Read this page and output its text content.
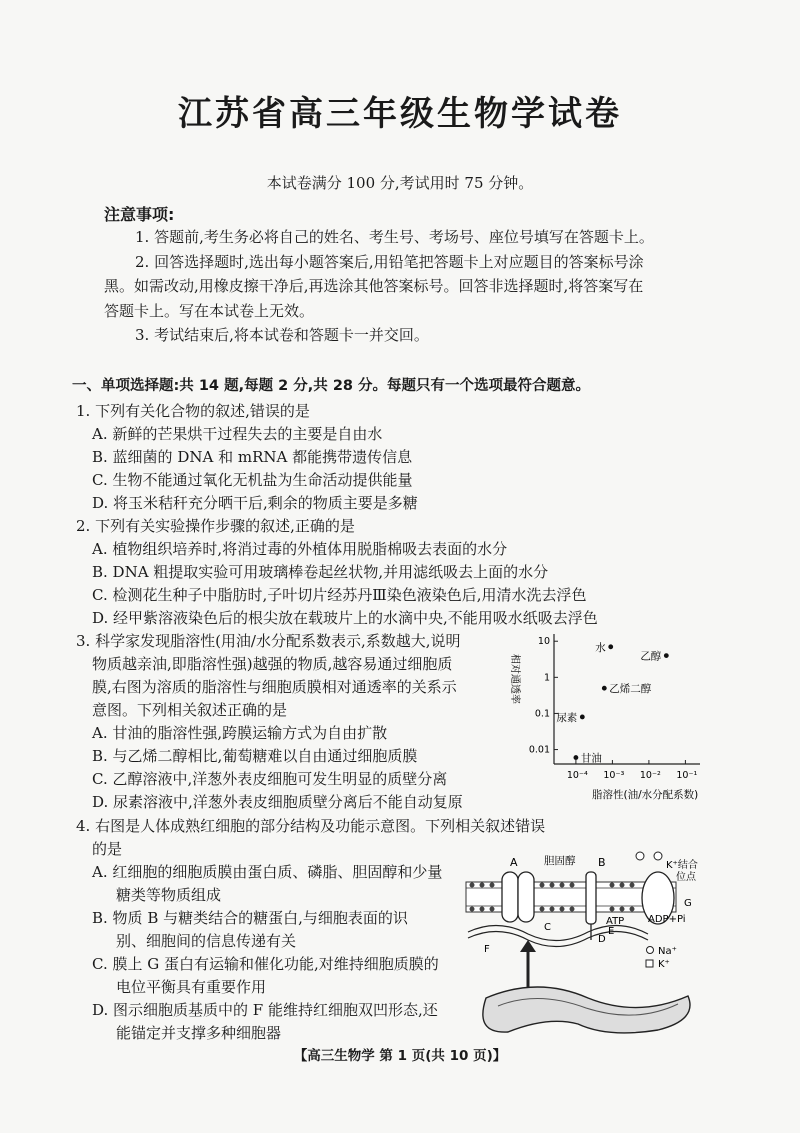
江苏省高三年级生物学试卷
本试卷满分 100 分,考试用时 75 分钟。
注意事项:
1. 答题前,考生务必将自己的姓名、考生号、考场号、座位号填写在答题卡上。
2. 回答选择题时,选出每小题答案后,用铅笔把答题卡上对应题目的答案标号涂
黑。如需改动,用橡皮擦干净后,再选涂其他答案标号。回答非选择题时,将答案写在
答题卡上。写在本试卷上无效。
3. 考试结束后,将本试卷和答题卡一并交回。
一、单项选择题:共 14 题,每题 2 分,共 28 分。每题只有一个选项最符合题意。
1. 下列有关化合物的叙述,错误的是
A. 新鲜的芒果烘干过程失去的主要是自由水
B. 蓝细菌的 DNA 和 mRNA 都能携带遗传信息
C. 生物不能通过氧化无机盐为生命活动提供能量
D. 将玉米秸秆充分晒干后,剩余的物质主要是多糖
2. 下列有关实验操作步骤的叙述,正确的是
A. 植物组织培养时,将消过毒的外植体用脱脂棉吸去表面的水分
B. DNA 粗提取实验可用玻璃棒卷起丝状物,并用滤纸吸去上面的水分
C. 检测花生种子中脂肪时,子叶切片经苏丹Ⅲ染色液染色后,用清水洗去浮色
D. 经甲紫溶液染色后的根尖放在载玻片上的水滴中央,不能用吸水纸吸去浮色
3. 科学家发现脂溶性(用油/水分配系数表示,系数越大,说明
物质越亲油,即脂溶性强)越强的物质,越容易通过细胞质
膜,右图为溶质的脂溶性与细胞质膜相对通透率的关系示
意图。下列相关叙述正确的是
A. 甘油的脂溶性强,跨膜运输方式为自由扩散
B. 与乙烯二醇相比,葡萄糖难以自由通过细胞质膜
C. 乙醇溶液中,洋葱外表皮细胞可发生明显的质壁分离
D. 尿素溶液中,洋葱外表皮细胞质壁分离后不能自动复原
相对通透率
10
1
0.1
0.01
10⁻⁴ 10⁻³ 10⁻² 10⁻¹
水
乙醇
乙烯二醇
尿素
甘油
脂溶性(油/水分配系数)
4. 右图是人体成熟红细胞的部分结构及功能示意图。下列相关叙述错误
的是
A. 红细胞的细胞质膜由蛋白质、磷脂、胆固醇和少量
糖类等物质组成
B. 物质 B 与糖类结合的糖蛋白,与细胞表面的识
别、细胞间的信息传递有关
C. 膜上 G 蛋白有运输和催化功能,对维持细胞质膜的
电位平衡具有重要作用
D. 图示细胞质基质中的 F 能维持红细胞双凹形态,还
能锚定并支撑多种细胞器
A	胆固醇 B
C
D
E
F
G
ATP ADP+Pi
K⁺结合
位点
Na⁺
K⁺
【高三生物学 第 1 页(共 10 页)】
